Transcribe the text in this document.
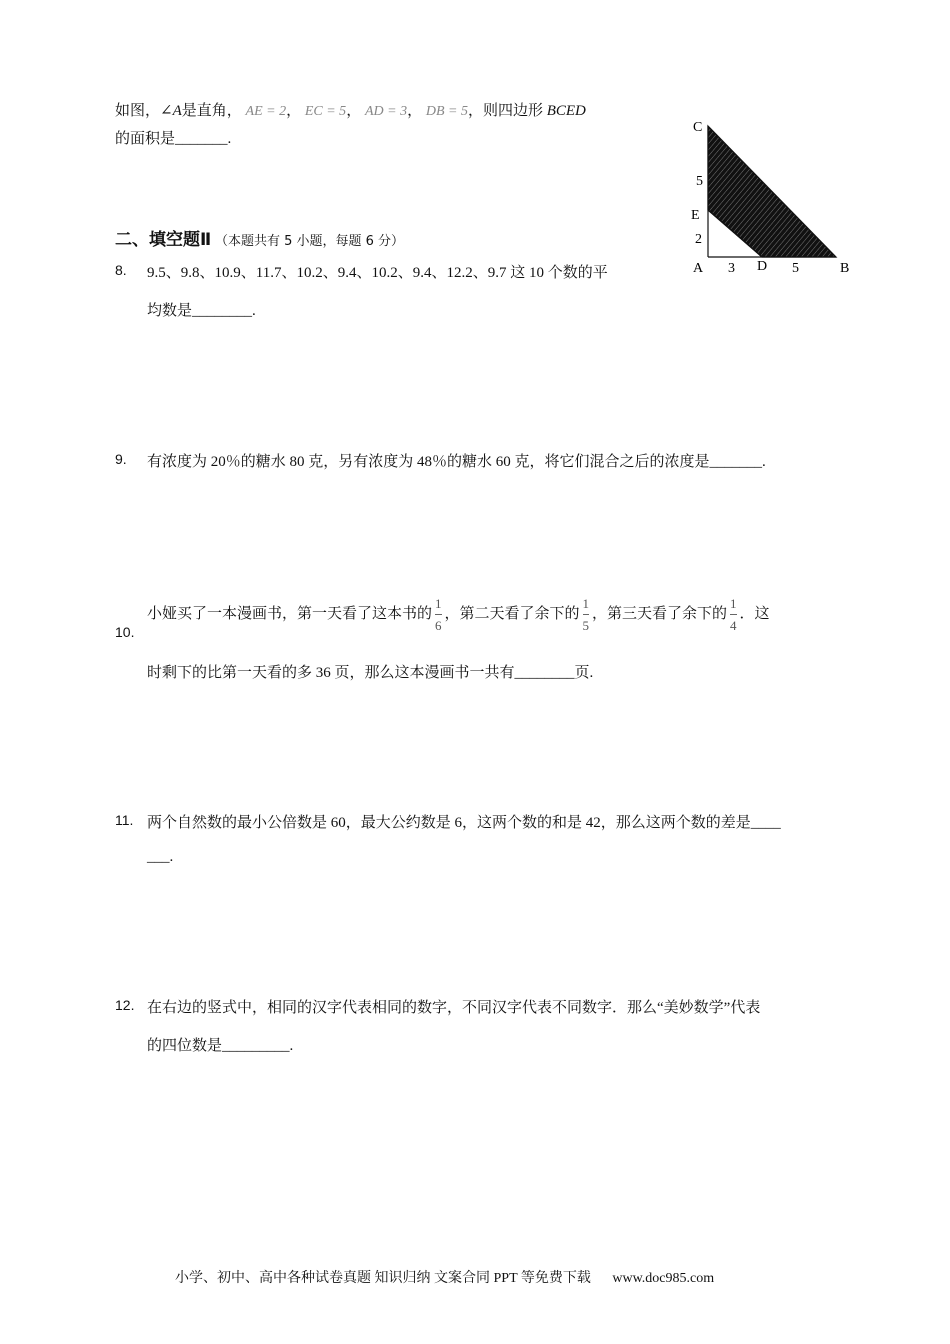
如图，∠A是直角， AE = 2， EC = 5， AD = 3， DB = 5，则四边形 BCED
的面积是_______.
C
5
E
2
A 3 D 5	B
二、填空题Ⅱ （本题共有 5 小题，每题 6 分）
8. 9.5、9.8、10.9、11.7、10.2、9.4、10.2、9.4、12.2、9.7 这 10 个数的平
均数是________.
9. 有浓度为 20％的糖水 80 克，另有浓度为 48％的糖水 60 克，将它们混合之后的浓度是_______.
10.
小娅买了一本漫画书，第一天看了这本书的 $\frac{1}{6}$ ，第二天看了余下的 $\frac{1}{5}$ ，第三天看了余下的 $\frac{1}{4}$ ．这
时剩下的比第一天看的多 36 页，那么这本漫画书一共有________页.
11. 两个自然数的最小公倍数是 60，最大公约数是 6，这两个数的和是 42，那么这两个数的差是____
___.
12. 在右边的竖式中，相同的汉字代表相同的数字，不同汉字代表不同数字．那么“美妙数学”代表
的四位数是_________.
小学、初中、高中各种试卷真题 知识归纳 文案合同 PPT 等免费下载 www.doc985.com
